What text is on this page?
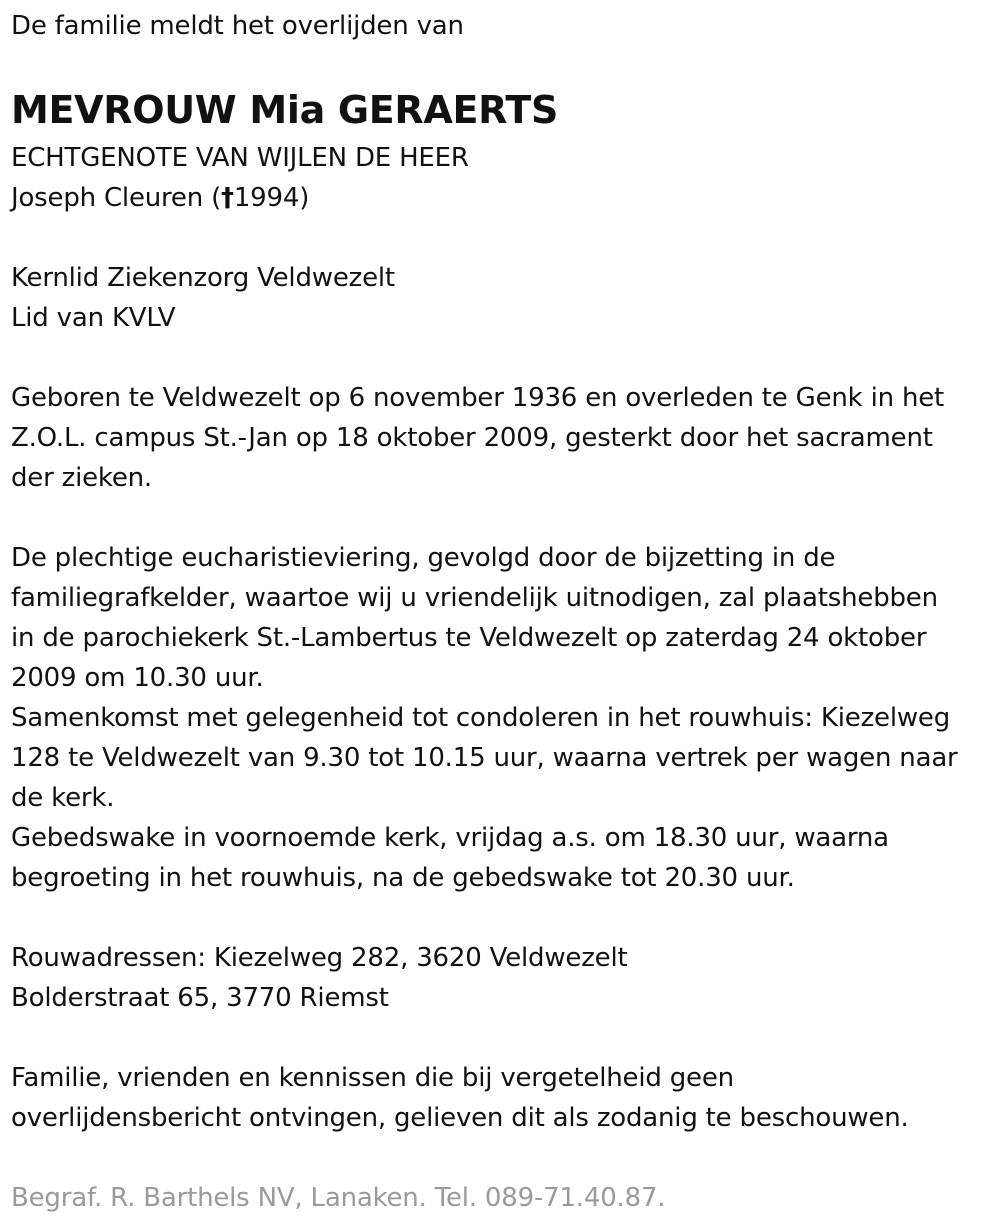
De familie meldt het overlijden van
MEVROUW Mia GERAERTS
ECHTGENOTE VAN WIJLEN DE HEER
Joseph Cleuren (†1994)
Kernlid Ziekenzorg Veldwezelt
Lid van KVLV
Geboren te Veldwezelt op 6 november 1936 en overleden te Genk in het
Z.O.L. campus St.-Jan op 18 oktober 2009, gesterkt door het sacrament
der zieken.
De plechtige eucharistieviering, gevolgd door de bijzetting in de
familiegrafkelder, waartoe wij u vriendelijk uitnodigen, zal plaatshebben
in de parochiekerk St.-Lambertus te Veldwezelt op zaterdag 24 oktober
2009 om 10.30 uur.
Samenkomst met gelegenheid tot condoleren in het rouwhuis: Kiezelweg
128 te Veldwezelt van 9.30 tot 10.15 uur, waarna vertrek per wagen naar
de kerk.
Gebedswake in voornoemde kerk, vrijdag a.s. om 18.30 uur, waarna
begroeting in het rouwhuis, na de gebedswake tot 20.30 uur.
Rouwadressen: Kiezelweg 282, 3620 Veldwezelt
Bolderstraat 65, 3770 Riemst
Familie, vrienden en kennissen die bij vergetelheid geen
overlijdensbericht ontvingen, gelieven dit als zodanig te beschouwen.
Begraf. R. Barthels NV, Lanaken. Tel. 089-71.40.87.
